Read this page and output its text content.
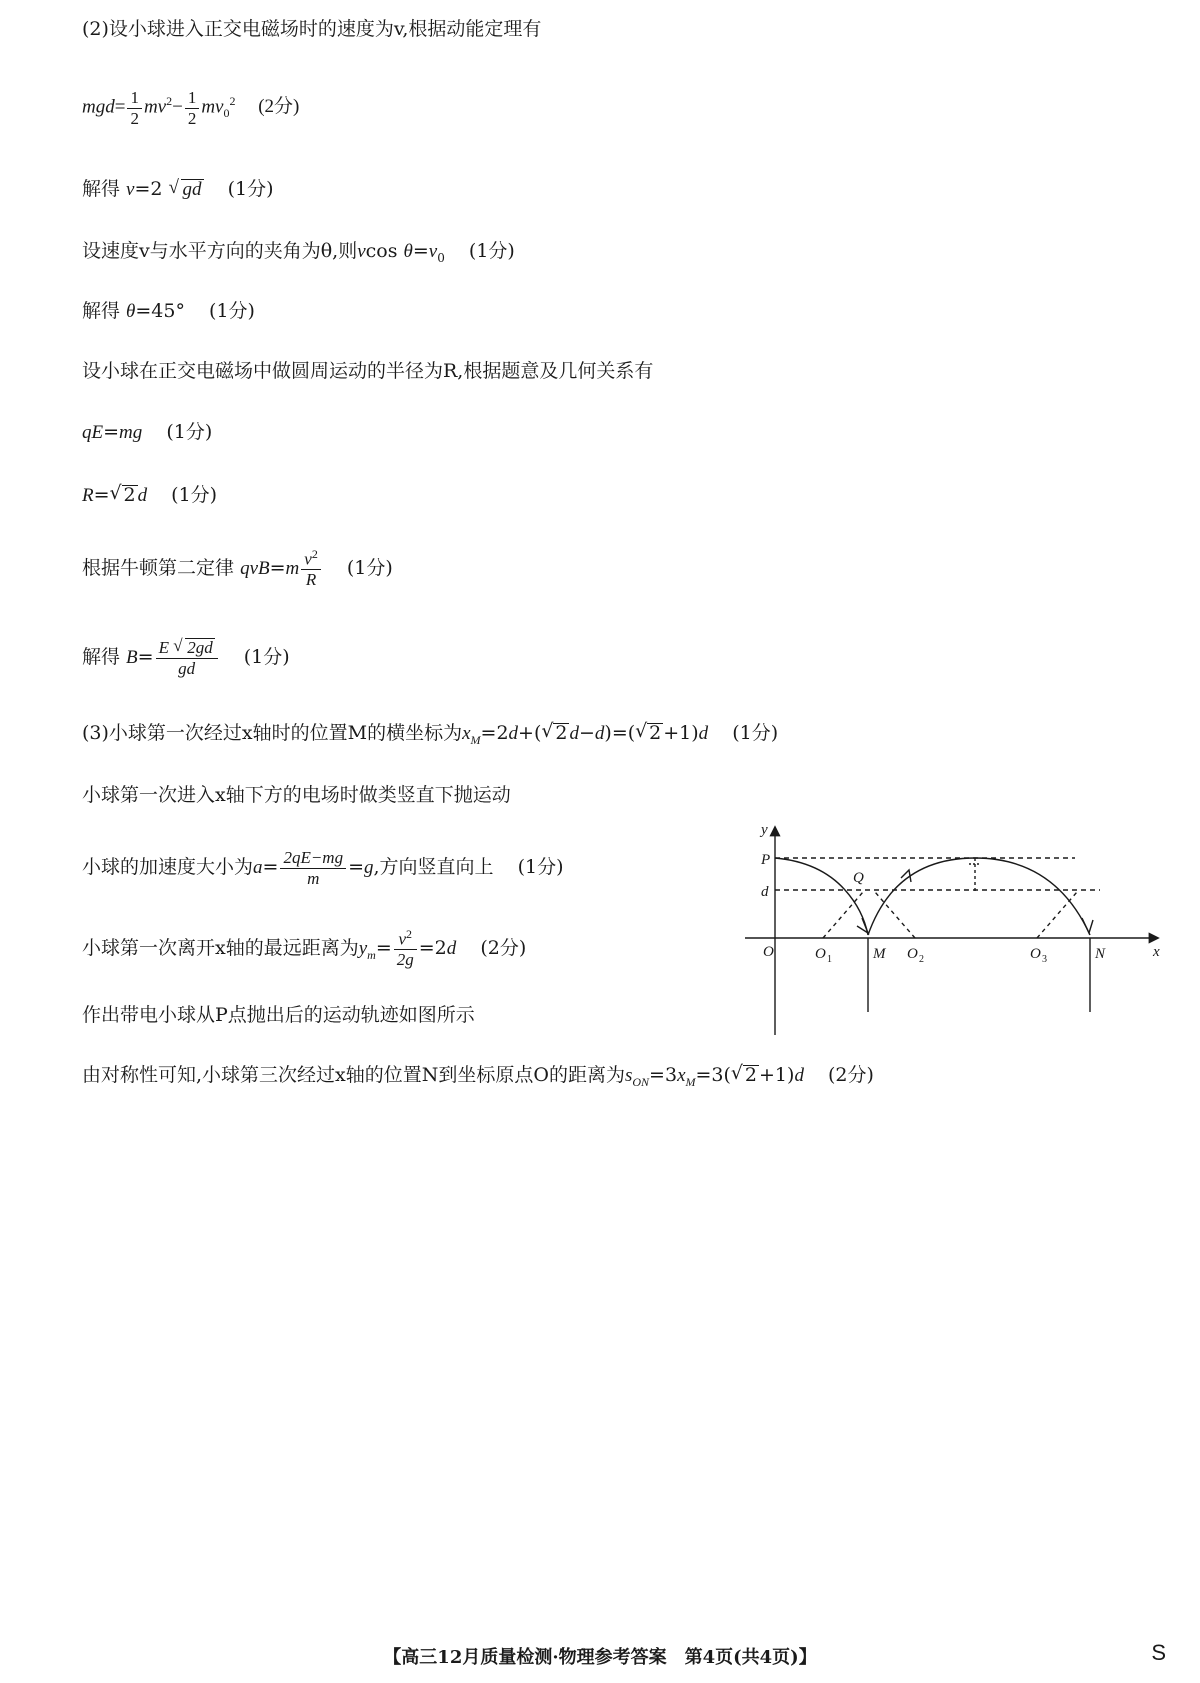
(2)设小球进入正交电磁场时的速度为v,根据动能定理有
$mgd= \frac{1}{2} mv^2- \frac{1}{2} mv_0^2$ (2分)
解得 v=2 √ gd (1分)
设速度v与水平方向的夹角为θ,则vcos $\theta=v_0$ (1分)
解得 θ=45° (1分)
设小球在正交电磁场中做圆周运动的半径为R,根据题意及几何关系有
qE=mg (1分)
R=√ 2 d (1分)
根据牛顿第二定律 $qvB=m \frac{v^2}{R} (1$分)
解得 $B= \frac{E √ 2gd}{gd} (1$分)
(3)小球第一次经过x轴时的位置M的横坐标为$x_M=2d+(√$ 2 d−d)=(√ 2 +1)d (1分)
小球第一次进入x轴下方的电场时做类竖直下抛运动
小球的加速度大小为$a= \frac{2qE-mg}{m} =g$,方向竖直向上 (1分)
小球第一次离开x轴的最远距离为$y_m= \frac{v^2}{2g} =2d$ (2分)
作出带电小球从P点抛出后的运动轨迹如图所示
由对称性可知,小球第三次经过x轴的位置N到坐标原点O的距离为$s_{ON}=3x_M=3(√$ 2 +1)d (2分)
y
x
P
d
O	O 1	M O 2	O 3	N
Q
【高三12月质量检测·物理参考答案　第4页(共4页)】	S
